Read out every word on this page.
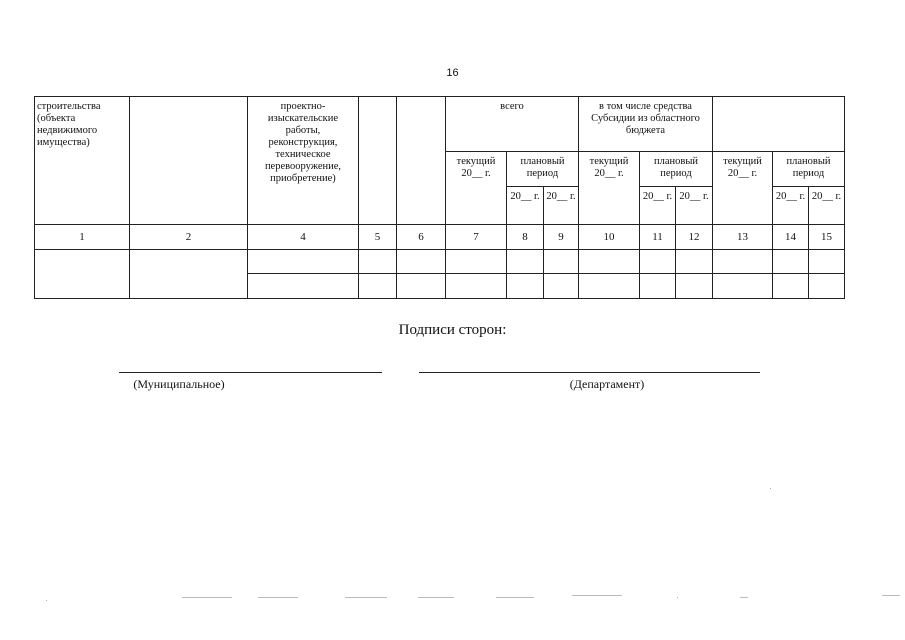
16
строительства (объекта недвижимого имущества)		проектно-изыскательские работы, реконструкция, техническое перевооружение, приобретение)			всего			в том числе средства Субсидии из областного бюджета					
					текущий 20__ г.	плановый период		текущий 20__ г.	плановый период		текущий 20__ г.	плановый период	
						20__ г.	20__ г.		20__ г.	20__ г.		20__ г.	20__ г.
1	2	4	5	6	7	8	9	10	11	12	13	14	15

Подписи сторон:
(Муниципальное)	(Департамент)
